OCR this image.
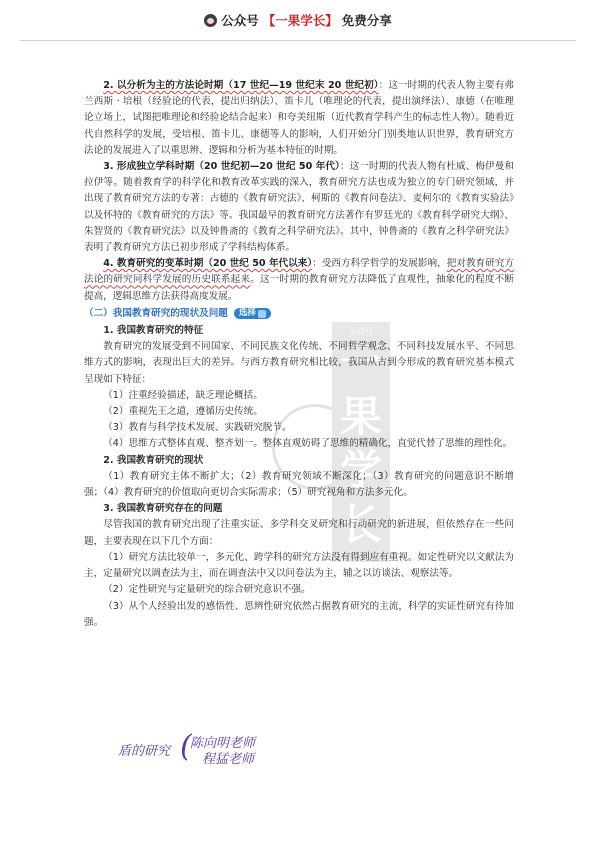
公众号 【一果学长】 免费分享
公众号
一
果
学
长

2. 以分析为主的方法论时期（17 世纪—19 世纪末 20 世纪初）：这一时期的代表人物主要有弗兰西斯 · 培根（经验论的代表，提出归纳法）、笛卡儿（唯理论的代表，提出演绎法）、康德（在唯理论立场上，试图把唯理论和经验论结合起来）和夸美纽斯（近代教育学科产生的标志性人物）。随着近代自然科学的发展，受培根、笛卡儿、康德等人的影响，人们开始分门别类地认识世界，教育研究方法论的发展进入了以重思辨、逻辑和分析为基本特征的时期。

3. 形成独立学科时期（20 世纪初—20 世纪 50 年代）：这一时期的代表人物有杜威、梅伊曼和拉伊等。随着教育学的科学化和教育改革实践的深入，教育研究方法也成为独立的专门研究领域，并出现了教育研究方法的专著：古德的《教育研究法》、柯斯的《教育问卷法》、麦柯尔的《教育实验法》以及怀特的《教育研究的方法》等。我国最早的教育研究方法著作有罗廷光的《教育科学研究大纲》、朱智贤的《教育研究法》以及钟鲁斋的《教育之科学研究法》。其中，钟鲁斋的《教育之科学研究法》表明了教育研究方法已初步形成了学科结构体系。

4. 教育研究的变革时期（20 世纪 50 年代以来）：受西方科学哲学的发展影响，把对教育研究方法论的研究同科学发展的历史联系起来。这一时期的教育研究方法降低了直观性，抽象化的程度不断提高，逻辑思维方法获得高度发展。

（二）我国教育研究的现状及问题 选择

1. 我国教育研究的特征

教育研究的发展受到不同国家、不同民族文化传统、不同哲学观念、不同科技发展水平、不同思维方式的影响，表现出巨大的差异。与西方教育研究相比较，我国从古到今形成的教育研究基本模式呈现如下特征：

（1）注重经验描述，缺乏理论概括。

（2）重视先王之道，遵循历史传统。

（3）教育与科学技术发展、实践研究脱节。

（4）思维方式整体直观、整齐划一。整体直观妨碍了思维的精确化，直觉代替了思维的理性化。

2. 我国教育研究的现状

（1）教育研究主体不断扩大；（2）教育研究领域不断深化；（3）教育研究的问题意识不断增强；（4）教育研究的价值取向更切合实际需求；（5）研究视角和方法多元化。

3. 我国教育研究存在的问题

尽管我国的教育研究出现了注重实证、多学科交叉研究和行动研究的新进展，但依然存在一些问题，主要表现在以下几个方面：

（1）研究方法比较单一，多元化、跨学科的研究方法没有得到应有重视。如定性研究以文献法为主，定量研究以调查法为主，而在调查法中又以问卷法为主，辅之以访谈法、观察法等。

（2）定性研究与定量研究的综合研究意识不强。

（3）从个人经验出发的感悟性、思辨性研究依然占据教育研究的主流，科学的实证性研究有待加强。

盾的研究 (
陈向明老师
程猛老师
